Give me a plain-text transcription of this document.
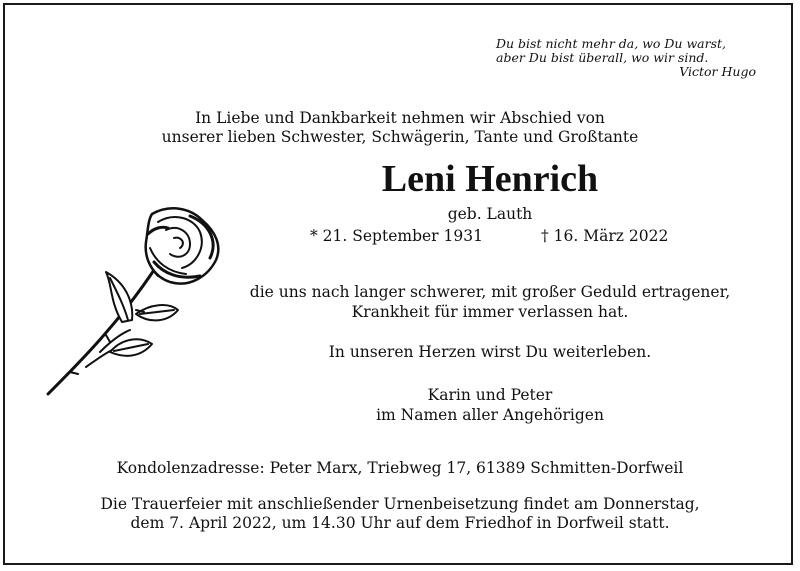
Du bist nicht mehr da, wo Du warst,
aber Du bist überall, wo wir sind.
Victor Hugo
In Liebe und Dankbarkeit nehmen wir Abschied von
unserer lieben Schwester, Schwägerin, Tante und Großtante
Leni Henrich
geb. Lauth
* 21. September 1931	† 16. März 2022
die uns nach langer schwerer, mit großer Geduld ertragener,
Krankheit für immer verlassen hat.
In unseren Herzen wirst Du weiterleben.
Karin und Peter
im Namen aller Angehörigen
Kondolenzadresse: Peter Marx, Triebweg 17, 61389 Schmitten-Dorfweil
Die Trauerfeier mit anschließender Urnenbeisetzung findet am Donnerstag,
dem 7. April 2022, um 14.30 Uhr auf dem Friedhof in Dorfweil statt.
